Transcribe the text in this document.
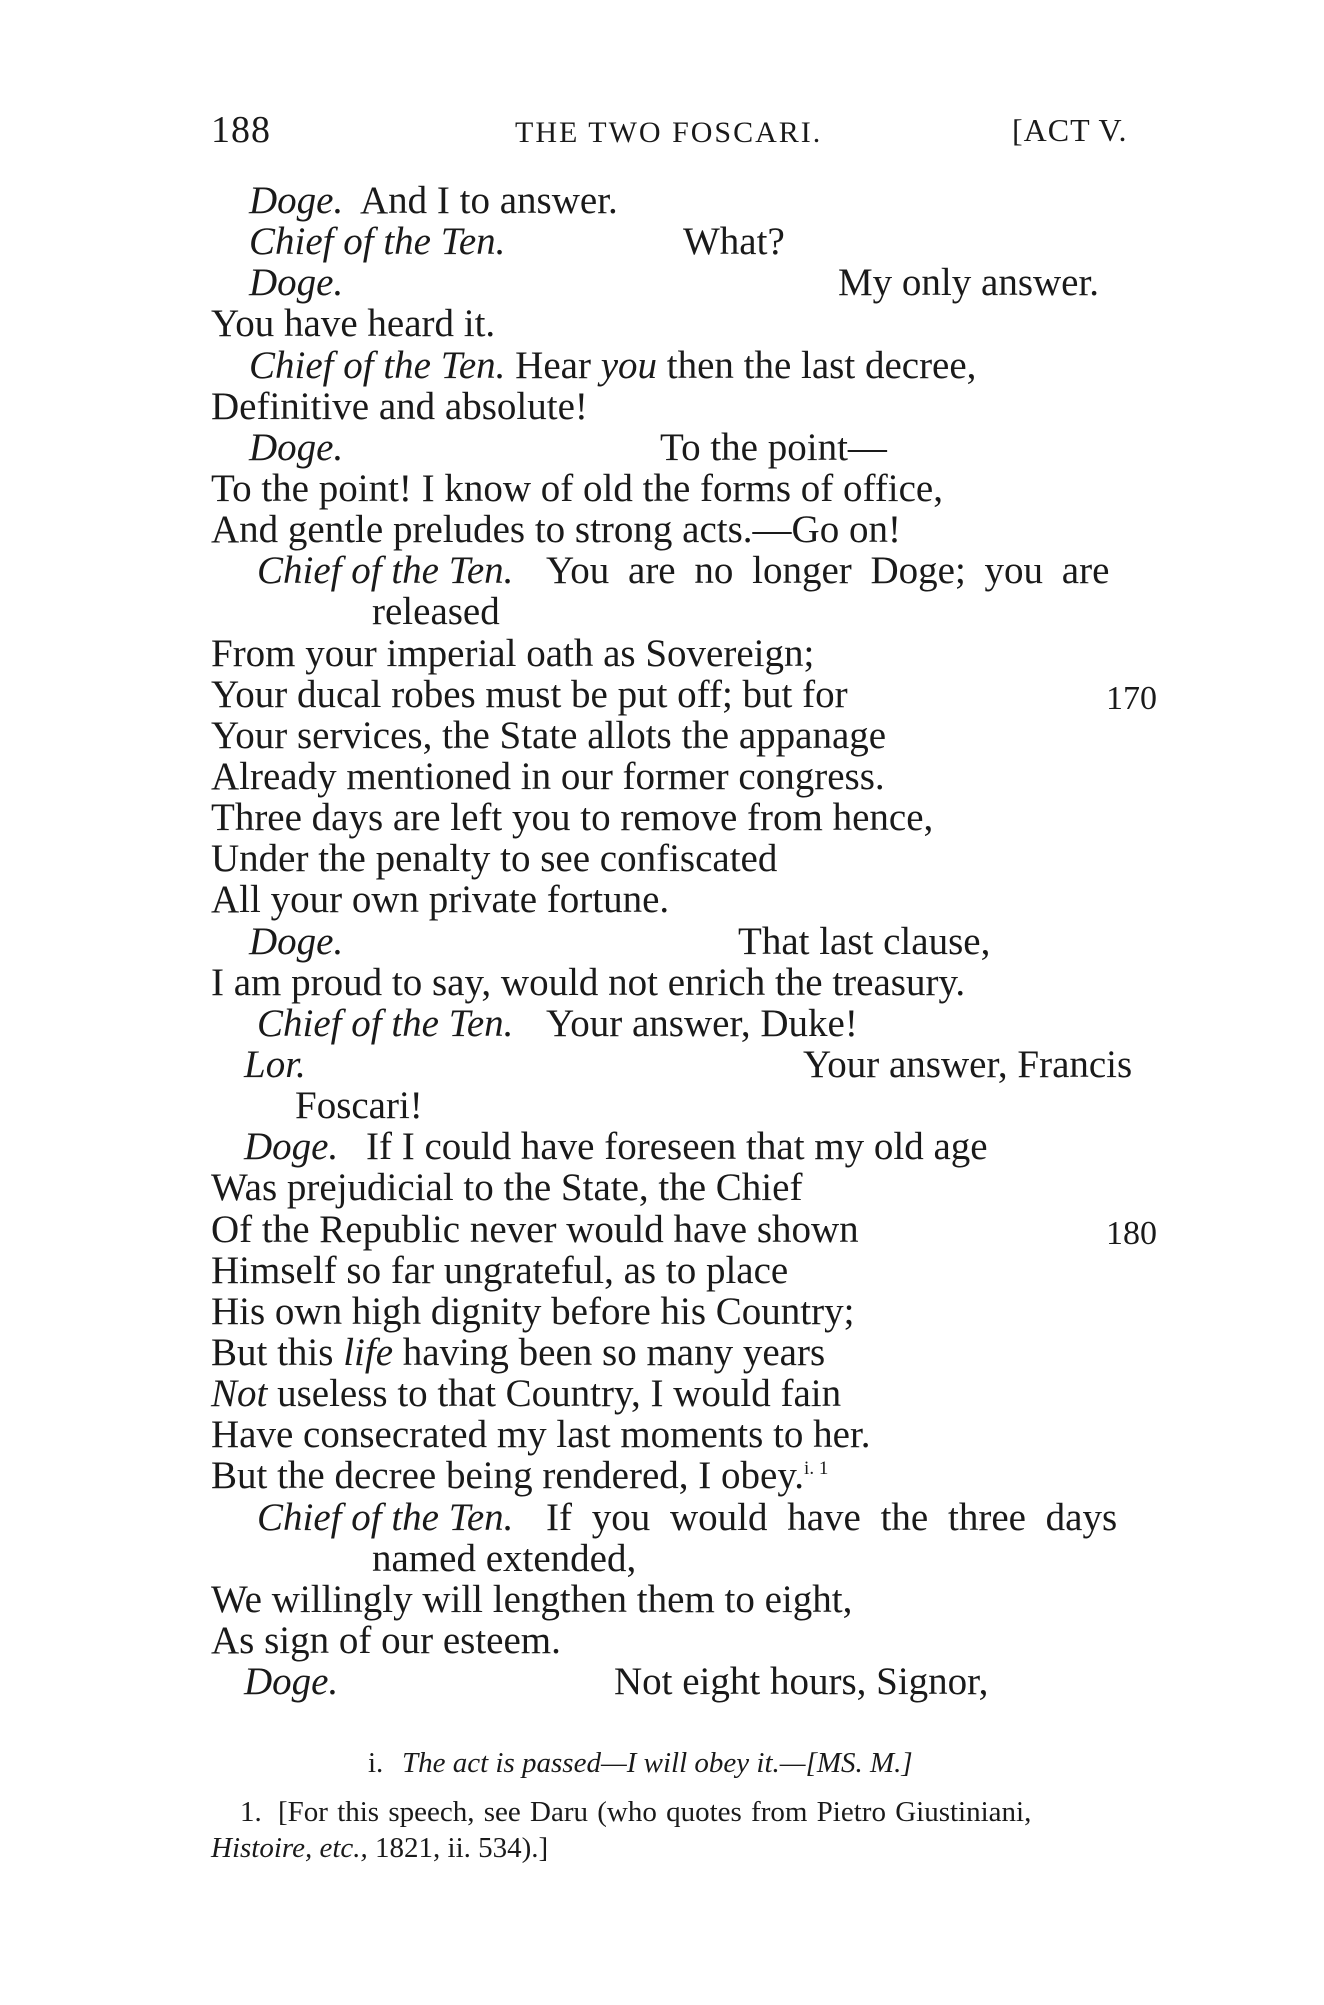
188	THE TWO FOSCARI.	[ACT V.
Doge. And I to answer.
Chief of the Ten.	What?
Doge.	My only answer.
You have heard it.
Chief of the Ten. Hear you then the last decree,
Definitive and absolute!
Doge.	To the point—
To the point! I know of old the forms of office,
And gentle preludes to strong acts.—Go on!
Chief of the Ten. You are no longer Doge; you are
released
From your imperial oath as Sovereign;
Your ducal robes must be put off; but for	170
Your services, the State allots the appanage
Already mentioned in our former congress.
Three days are left you to remove from hence,
Under the penalty to see confiscated
All your own private fortune.
Doge.	That last clause,
I am proud to say, would not enrich the treasury.
Chief of the Ten. Your answer, Duke!
Lor.	Your answer, Francis
Foscari!
Doge. If I could have foreseen that my old age
Was prejudicial to the State, the Chief
Of the Republic never would have shown	180
Himself so far ungrateful, as to place
His own high dignity before his Country;
But this life having been so many years
Not useless to that Country, I would fain
Have consecrated my last moments to her.
But the decree being rendered, I obey.$^{i. 1}$
Chief of the Ten. If you would have the three days
named extended,
We willingly will lengthen them to eight,
As sign of our esteem.
Doge.	Not eight hours, Signor,
i. The act is passed—I will obey it.—[MS. M.]
1. [For this speech, see Daru (who quotes from Pietro Giustiniani,
Histoire, etc., 1821, ii. 534).]
